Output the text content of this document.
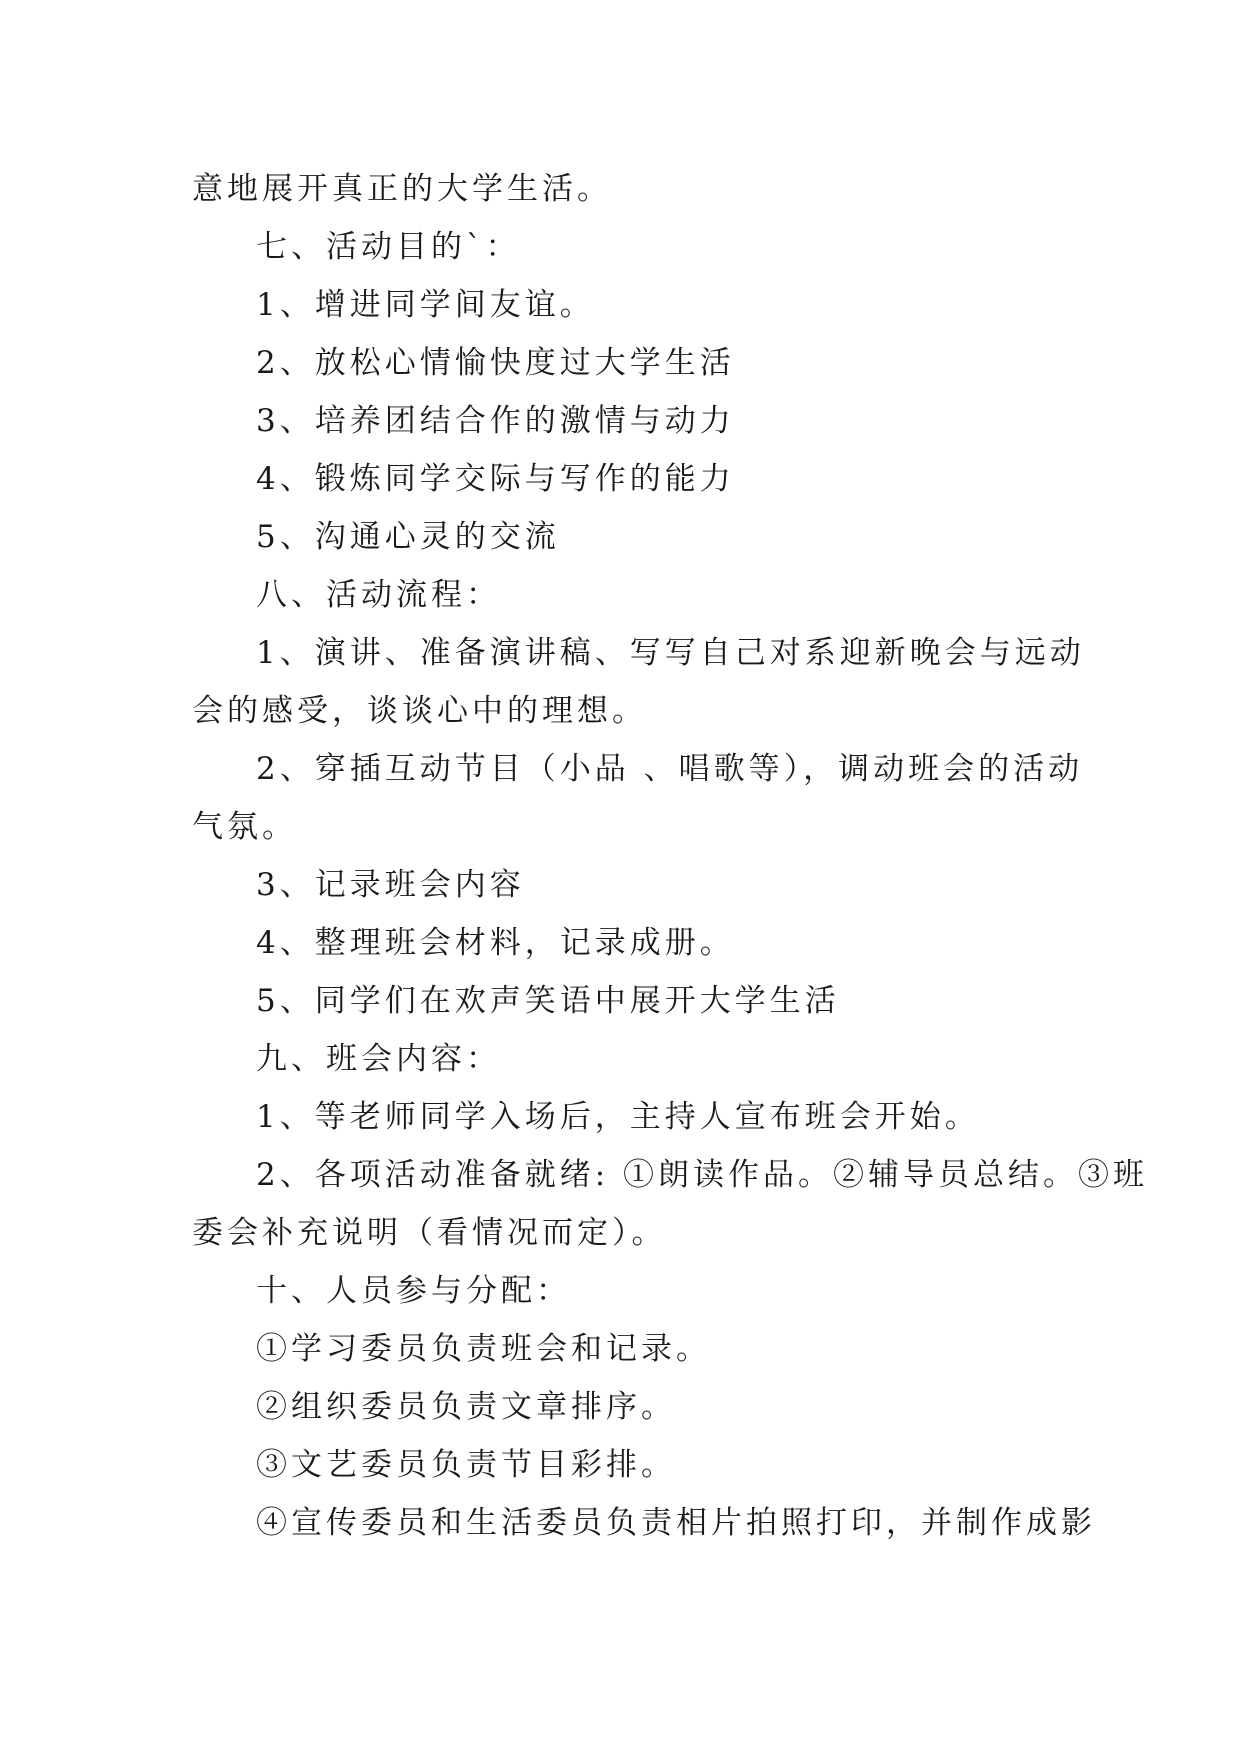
意地展开真正的大学生活。
七、活动目的`：
1、增进同学间友谊。
2、放松心情愉快度过大学生活
3、培养团结合作的激情与动力
4、锻炼同学交际与写作的能力
5、沟通心灵的交流
八、活动流程：
1、演讲、准备演讲稿、写写自己对系迎新晚会与远动
会的感受，谈谈心中的理想。
2、穿插互动节目（小品 、唱歌等），调动班会的活动
气氛。
3、记录班会内容
4、整理班会材料，记录成册。
5、同学们在欢声笑语中展开大学生活
九、班会内容：
1、等老师同学入场后，主持人宣布班会开始。
2、各项活动准备就绪: ①朗读作品。②辅导员总结。③班
委会补充说明（看情况而定）。
十、人员参与分配：
①学习委员负责班会和记录。
②组织委员负责文章排序。
③文艺委员负责节目彩排。
④宣传委员和生活委员负责相片拍照打印，并制作成影
